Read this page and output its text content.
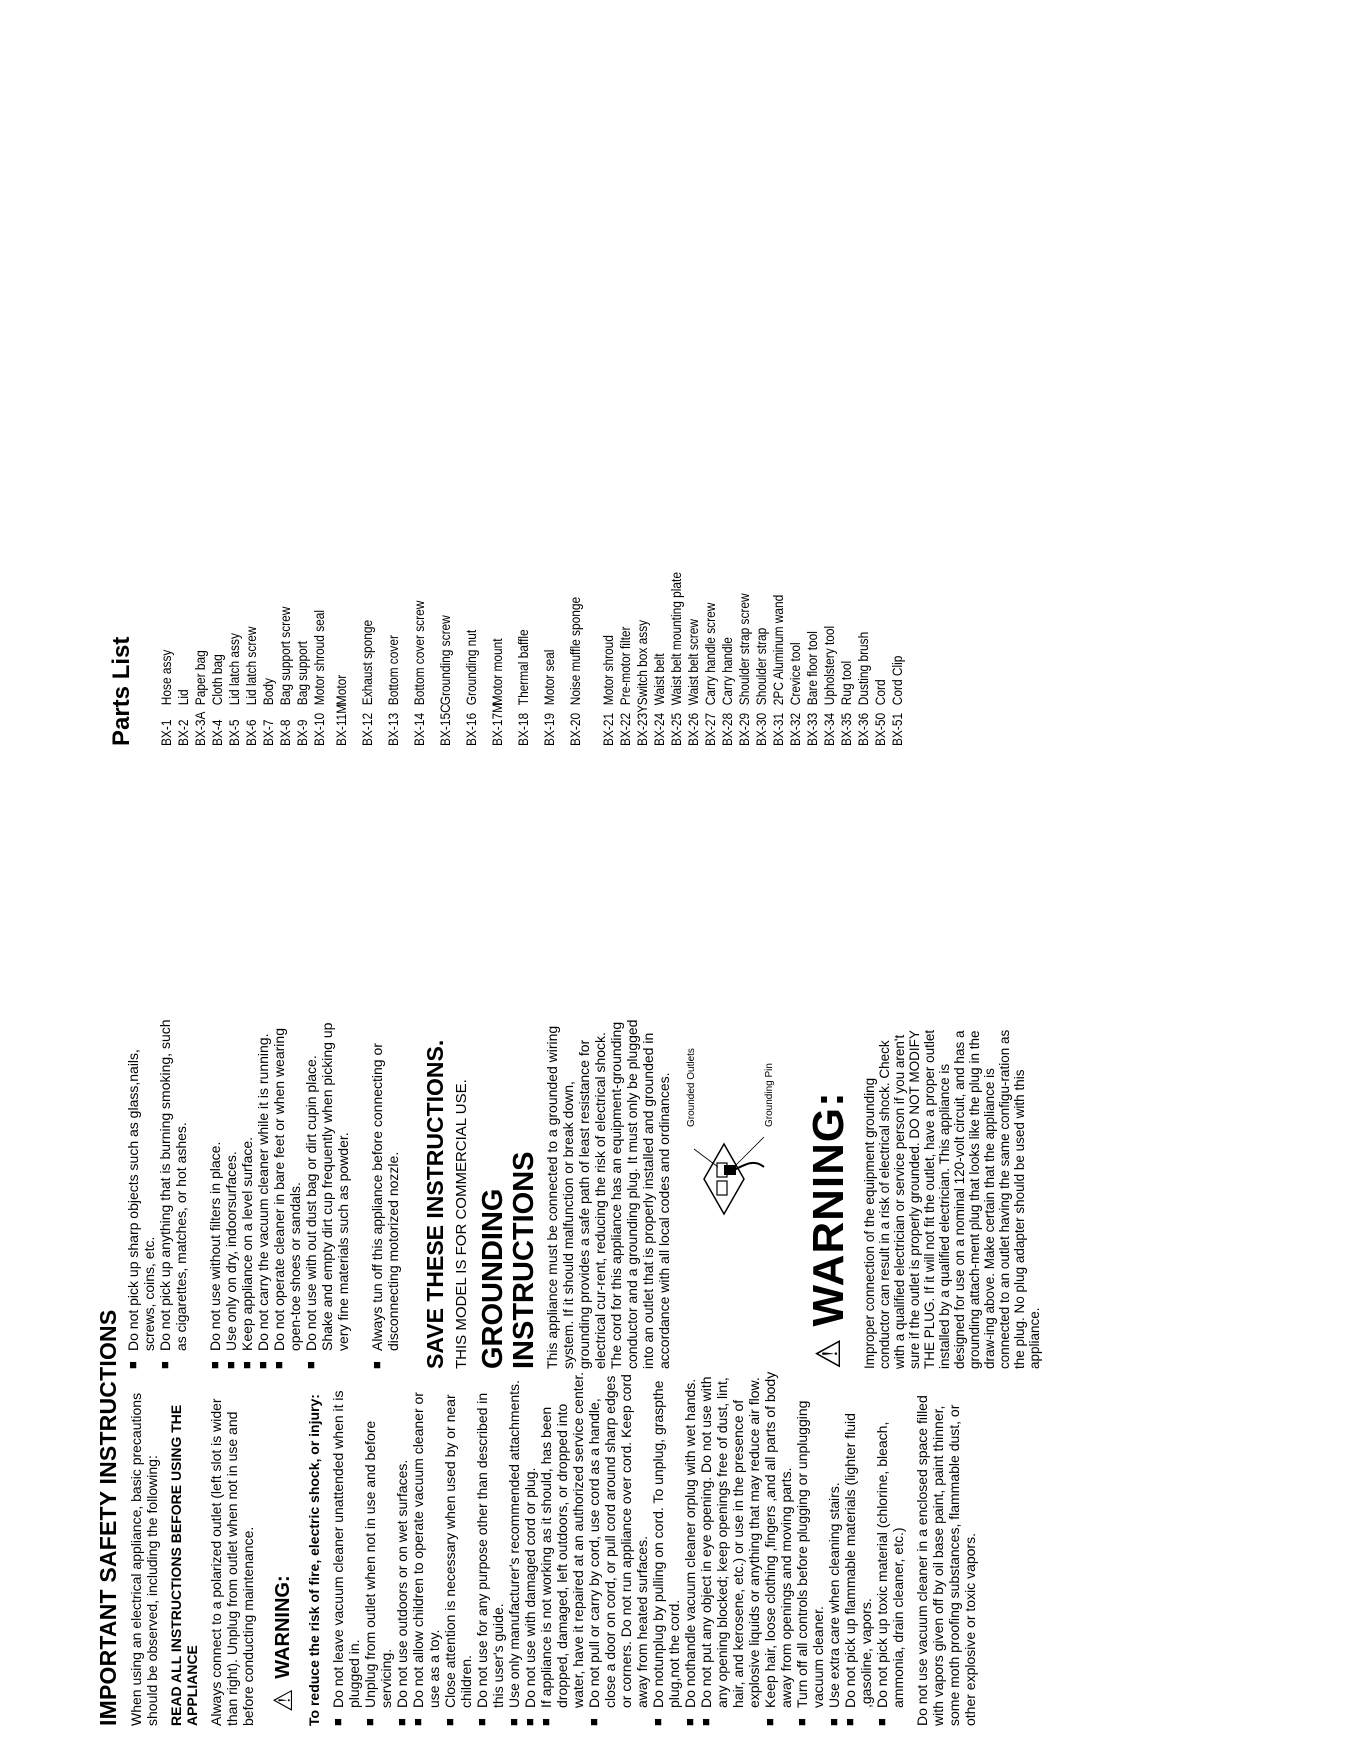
IMPORTANT SAFETY INSTRUCTIONS When using an electrical appliance, basic precautions should be observed, including the following: READ ALL INSTRUCTIONS BEFORE USING THE APPLIANCE Always connect to a polarized outlet (left slot is wider than right). Unplug from outlet when not in use and before conducting maintenance. ⚠
WARNING: To reduce the risk of fire, electric shock, or injury: ■ Do not leave vacuum cleaner unattended when it is plugged in. ■ Unplug from outlet when not in use and before servicing. ■ Do not use outdoors or on wet surfaces. ■ Do not allow children to operate vacuum cleaner or use as a toy. ■ Close attention is necessary when used by or near children. ■ Do not use for any purpose other than described in this user's guide. ■ Use only manufacturer's recommended attachments. ■ Do not use with damaged cord or plug. ■ If appliance is not working as it should, has been dropped, damaged, left outdoors, or dropped into water, have it repaired at an authorized service center. ■ Do not pull or carry by cord, use cord as a handle, close a door on cord, or pull cord around sharp edges or corners. Do not run appliance over cord. Keep cord away from heated surfaces. ■ Do notunplug by pulling on cord. To unplug, graspthe plug,not the cord. ■ Do nothandle vacuum cleaner orplug with wet hands. ■ Do not put any object in eye opening. Do not use with any opening blocked; keep openings free of dust, lint, hair, and kerosene, etc.) or use in the presence of explosive liquids or anything that may reduce air flow. ■ Keep hair, loose clothing ,fingers ,and all parts of body away from openings and moving parts. ■ Turn off all controls before plugging or unplugging vacuum cleaner. ■ Use extra care when cleaning stairs. ■ Do not pick up flammable materials (lighter fluid ,gasoline, vapors. ■ Do not pick up toxic material (chlorine, bleach, ammonia, drain cleaner, etc.) Do not use vacuum cleaner in a enclosed space filled with vapors given off by oil base paint, paint thinner, some moth proofing substances, flammable dust, or other explosive or toxic vapors.

■ Do not pick up sharp objects such as glass,nails, screws, coins, etc. ■ Do not pick up anything that is burning smoking, such as cigarettes, matches, or hot ashes. ■ Do not use without filters in place. ■ Use only on dry, indoorsurfaces. ■ Keep appliance on a level surface. ■ Do not carry the vacuum cleaner while it is running. ■ Do not operate cleaner in bare feet or when wearing open-toe shoes or sandals. ■ Do not use with out dust bag or dirt cupin place. Shake and empty dirt cup frequently when picking up very fine materials such as powder. ■ Always tun off this appliance before connecting or disconnecting motorized nozzle. SAVE THESE INSTRUCTIONS. THIS MODEL IS FOR COMMERCIAL USE. GROUNDING INSTRUCTIONS This appliance must be connected to a grounded wiring system. If it should malfunction or break down, grounding provides a safe path of least resistance for electrical cur-rent, reducing the risk of electrical shock. The cord for this appliance has an equipment-grounding conductor and a grounding plug. It must only be plugged into an outlet that is properly installed and grounded in accordance with all local codes and ordinances. Grounded Outlets	Grounding Pin
⚠
WARNING: Improper connection of the equipment grounding conductor can result in a risk of electrical shock. Check with a qualified electrician or service person if you aren't sure if the outlet is properly grounded. DO NOT MODIFY THE PLUG. If it will not fit the outlet, have a proper outlet installed by a qualified electrician. This appliance is designed for use on a nominal 120-volt circuit, and has a grounding attach-ment plug that looks like the plug in the draw-ing above. Make certain that the appliance is connected to an outlet having the same configu-ration as the plug. No plug adapter should be used with this appliance.

Parts List BX-1
Hose assy
BX-2
Lid
BX-3A
Paper bag
BX-4
Cloth bag
BX-5
Lid latch assy
BX-6
Lid latch screw
BX-7
Body
BX-8
Bag support screw
BX-9
Bag support
BX-10
Motor shroud seal
BX-11M
Motor
BX-12
Exhaust sponge
BX-13
Bottom cover
BX-14
Bottom cover screw
BX-15C
Grounding screw
BX-16
Grounding nut
BX-17M
Motor mount
BX-18
Thermal baffle
BX-19
Motor seal
BX-20
Noise muffle sponge
BX-21
Motor shroud
BX-22
Pre-motor filter
BX-23Y
Switch box assy
BX-24
Waist belt
BX-25
Waist belt mounting plate
BX-26
Waist belt screw
BX-27
Carry handle screw
BX-28
Carry handle
BX-29
Shoulder strap screw
BX-30
Shoulder strap
BX-31
2PC Aluminum wand
BX-32
Crevice tool
BX-33
Bare floor tool
BX-34
Upholstery tool
BX-35
Rug tool
BX-36
Dusting brush
BX-50
Cord
BX-51
Cord Clip
